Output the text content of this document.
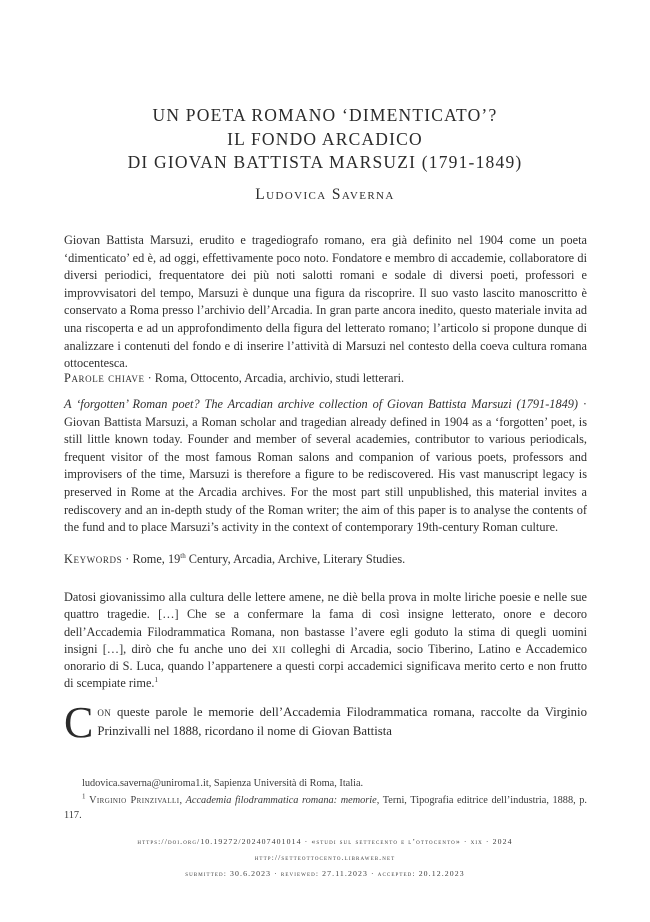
UN POETA ROMANO ‘DIMENTICATO’?
IL FONDO ARCADICO
DI GIOVAN BATTISTA MARSUZI (1791-1849)
Ludovica Saverna
Giovan Battista Marsuzi, erudito e tragediografo romano, era già definito nel 1904 come un poeta ‘dimenticato’ ed è, ad oggi, effettivamente poco noto. Fondatore e membro di accademie, collaboratore di diversi periodici, frequentatore dei più noti salotti romani e sodale di diversi poeti, professori e improvvisatori del tempo, Marsuzi è dunque una figura da riscoprire. Il suo vasto lascito manoscritto è conservato a Roma presso l’archivio dell’Arcadia. In gran parte ancora inedito, questo materiale invita ad una riscoperta e ad un approfondimento della figura del letterato romano; l’articolo si propone dunque di analizzare i contenuti del fondo e di inserire l’attività di Marsuzi nel contesto della coeva cultura romana ottocentesca.
Parole chiave · Roma, Ottocento, Arcadia, archivio, studi letterari.
A ‘forgotten’ Roman poet? The Arcadian archive collection of Giovan Battista Marsuzi (1791-1849) · Giovan Battista Marsuzi, a Roman scholar and tragedian already defined in 1904 as a ‘forgotten’ poet, is still little known today. Founder and member of several academies, contributor to various periodicals, frequent visitor of the most famous Roman salons and companion of various poets, professors and improvisers of the time, Marsuzi is therefore a figure to be rediscovered. His vast manuscript legacy is preserved in Rome at the Arcadia archives. For the most part still unpublished, this material invites a rediscovery and an in-depth study of the Roman writer; the aim of this paper is to analyse the contents of the fund and to place Marsuzi’s activity in the context of contemporary 19th-century Roman culture.
Keywords · Rome, 19th Century, Arcadia, Archive, Literary Studies.
Datosi giovanissimo alla cultura delle lettere amene, ne diè bella prova in molte liriche poesie e nelle sue quattro tragedie. […] Che se a confermare la fama di così insigne letterato, onore e decoro dell’Accademia Filodrammatica Romana, non bastasse l’avere egli goduto la stima di quegli uomini insigni […], dirò che fu anche uno dei xii colleghi di Arcadia, socio Tiberino, Latino e Accademico onorario di S. Luca, quando l’appartenere a questi corpi accademici significava merito certo e non frutto di scempiate rime.$^1$
Con queste parole le memorie dell’Accademia Filodrammatica romana, raccolte da Virginio Prinzivalli nel 1888, ricordano il nome di Giovan Battista
ludovica.saverna@uniroma1.it, Sapienza Università di Roma, Italia.
$^1$ Virginio Prinzivalli, Accademia filodrammatica romana: memorie, Terni, Tipografia editrice dell’industria, 1888, p. 117.
https://doi.org/10.19272/202407401014 · «studi sul settecento e l’ottocento» · xix · 2024
http://setteottocento.libraweb.net
submitted: 30.6.2023 · reviewed: 27.11.2023 · accepted: 20.12.2023
